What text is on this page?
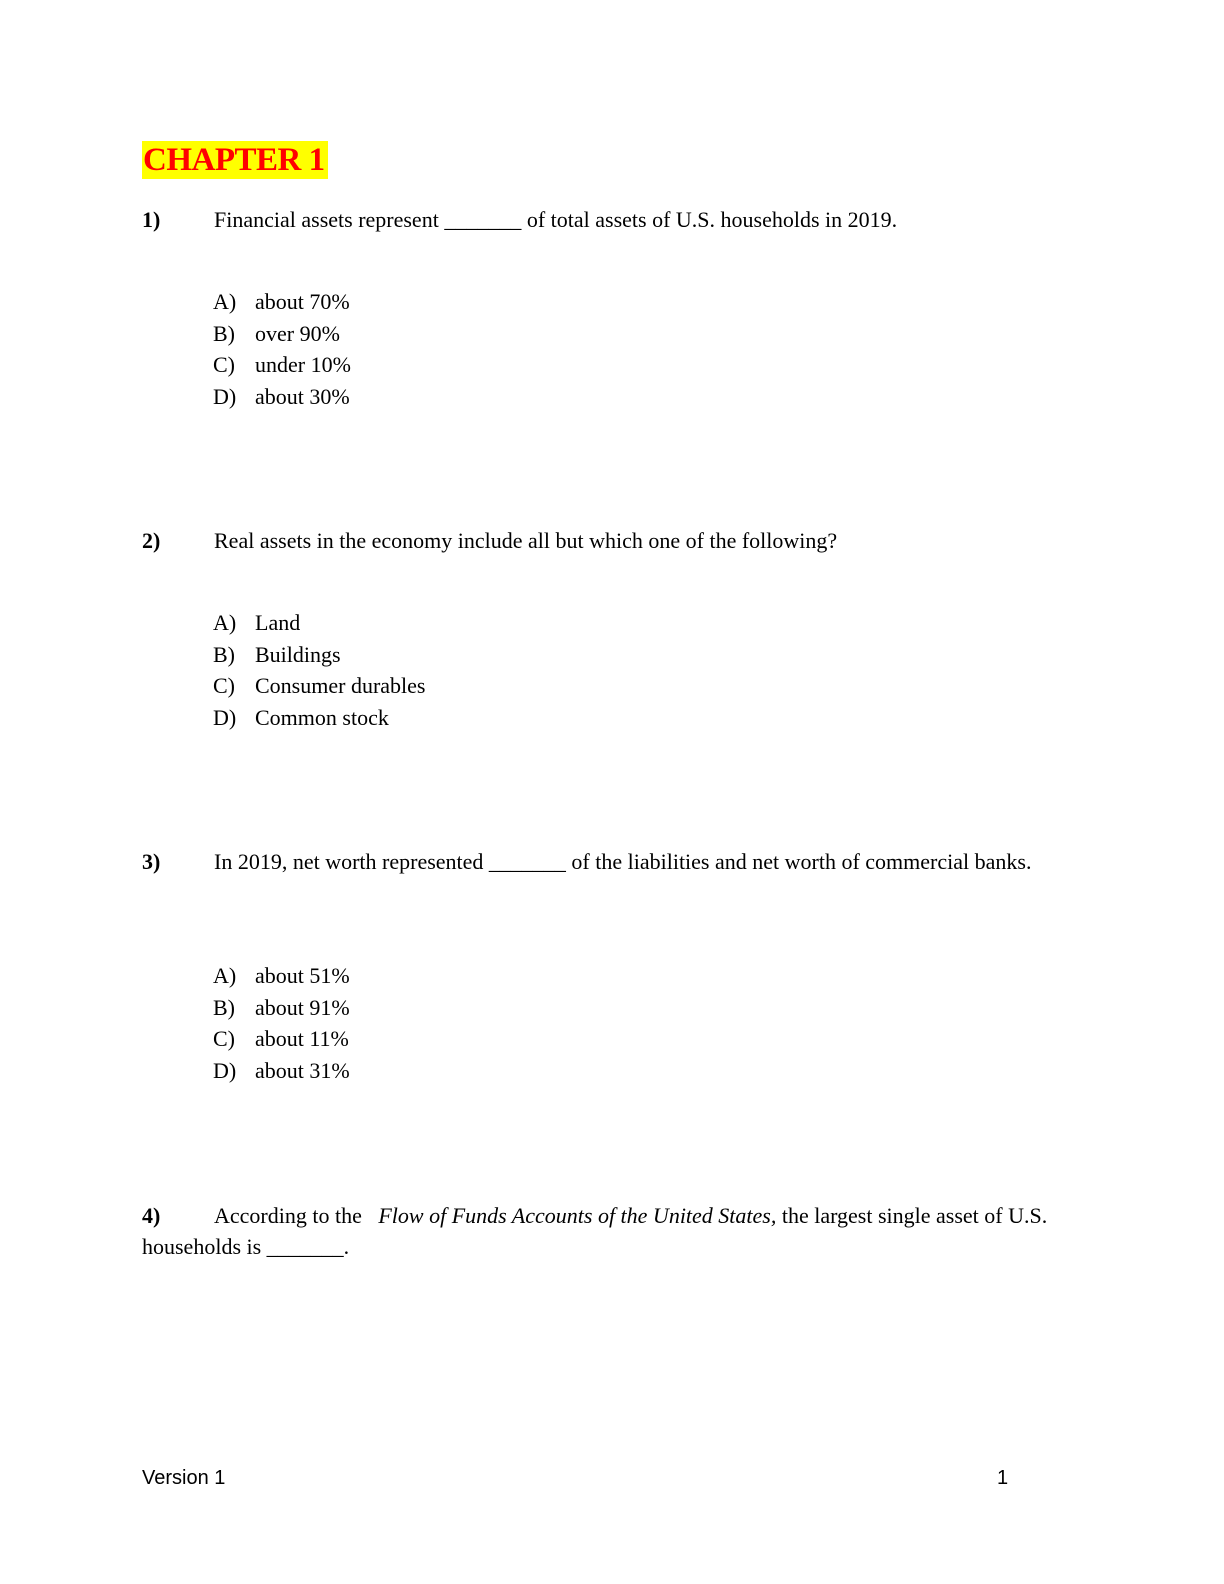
CHAPTER 1
1) Financial assets represent _______ of total assets of U.S. households in 2019.
A) about 70%
B) over 90%
C) under 10%
D) about 30%
2) Real assets in the economy include all but which one of the following?
A) Land
B) Buildings
C) Consumer durables
D) Common stock
3) In 2019, net worth represented _______ of the liabilities and net worth of commercial banks.
A) about 51%
B) about 91%
C) about 11%
D) about 31%
4) According to the Flow of Funds Accounts of the United States, the largest single asset of U.S. households is _______.
Version 1	1
